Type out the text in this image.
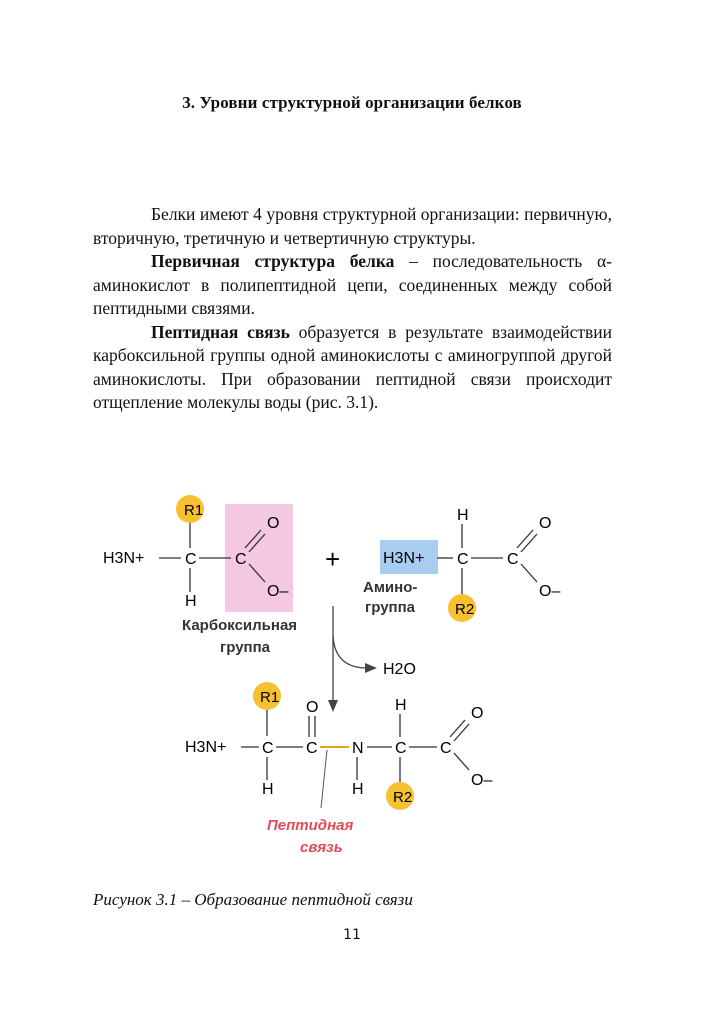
3. Уровни структурной организации белков

Белки имеют 4 уровня структурной организации: первичную, вторичную, третичную и четвертичную структуры.

Первичная структура белка – последовательность α-аминокислот в полипептидной цепи, соединенных между собой пептидными связями.

Пептидная связь образуется в результате взаимодействии карбоксильной группы одной аминокислоты с аминогруппой другой аминокислоты. При образовании пептидной связи происходит отщепление молекулы воды (рис. 3.1).

R1
H3N+	C
H
C
O
O–
+
H
H3N+ C C
O
O–
R2
Амино-
группа
Карбоксильная
группа
H2O
R1
H3N+ C
H
C
O
N
H
H
C
R2
C
O
O–
Пептидная
связь
Рисунок 3.1 – Образование пептидной связи
11
